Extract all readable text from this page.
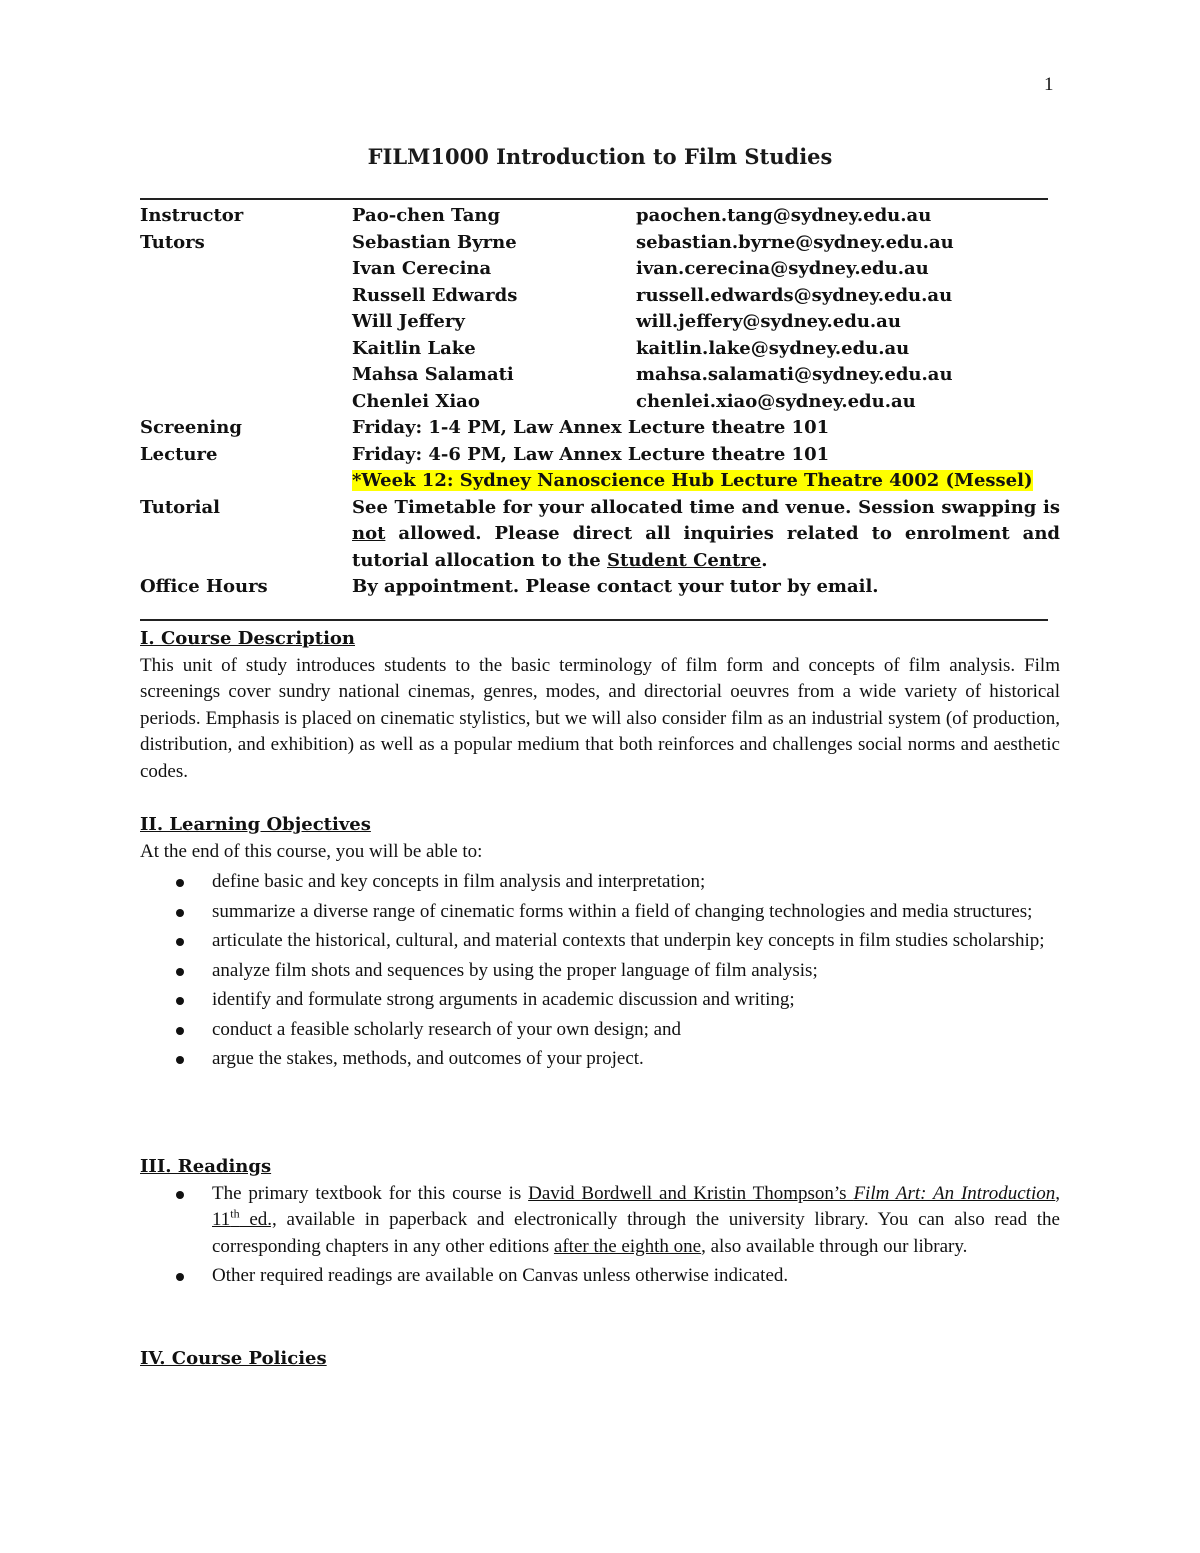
1
FILM1000 Introduction to Film Studies
Instructor	Pao-chen Tang	paochen.tang@sydney.edu.au
Tutors	Sebastian Byrne	sebastian.byrne@sydney.edu.au
Ivan Cerecina	ivan.cerecina@sydney.edu.au
Russell Edwards	russell.edwards@sydney.edu.au
Will Jeffery	will.jeffery@sydney.edu.au
Kaitlin Lake	kaitlin.lake@sydney.edu.au
Mahsa Salamati	mahsa.salamati@sydney.edu.au
Chenlei Xiao	chenlei.xiao@sydney.edu.au
Screening	Friday: 1-4 PM, Law Annex Lecture theatre 101
Lecture	Friday: 4-6 PM, Law Annex Lecture theatre 101
*Week 12: Sydney Nanoscience Hub Lecture Theatre 4002 (Messel)
Tutorial	See Timetable for your allocated time and venue. Session swapping is not allowed. Please direct all inquiries related to enrolment and tutorial allocation to the Student Centre.
Office Hours	By appointment. Please contact your tutor by email.
I. Course Description

This unit of study introduces students to the basic terminology of film form and concepts of film analysis. Film screenings cover sundry national cinemas, genres, modes, and directorial oeuvres from a wide variety of historical periods. Emphasis is placed on cinematic stylistics, but we will also consider film as an industrial system (of production, distribution, and exhibition) as well as a popular medium that both reinforces and challenges social norms and aesthetic codes.

II. Learning Objectives
At the end of this course, you will be able to:
define basic and key concepts in film analysis and interpretation;
summarize a diverse range of cinematic forms within a field of changing technologies and media structures;
articulate the historical, cultural, and material contexts that underpin key concepts in film studies scholarship;
analyze film shots and sequences by using the proper language of film analysis;
identify and formulate strong arguments in academic discussion and writing;
conduct a feasible scholarly research of your own design; and
argue the stakes, methods, and outcomes of your project.
III. Readings
The primary textbook for this course is David Bordwell and Kristin Thompson’s Film Art: An Introduction, 11th ed., available in paperback and electronically through the university library. You can also read the corresponding chapters in any other editions after the eighth one, also available through our library.
Other required readings are available on Canvas unless otherwise indicated.
IV. Course Policies
